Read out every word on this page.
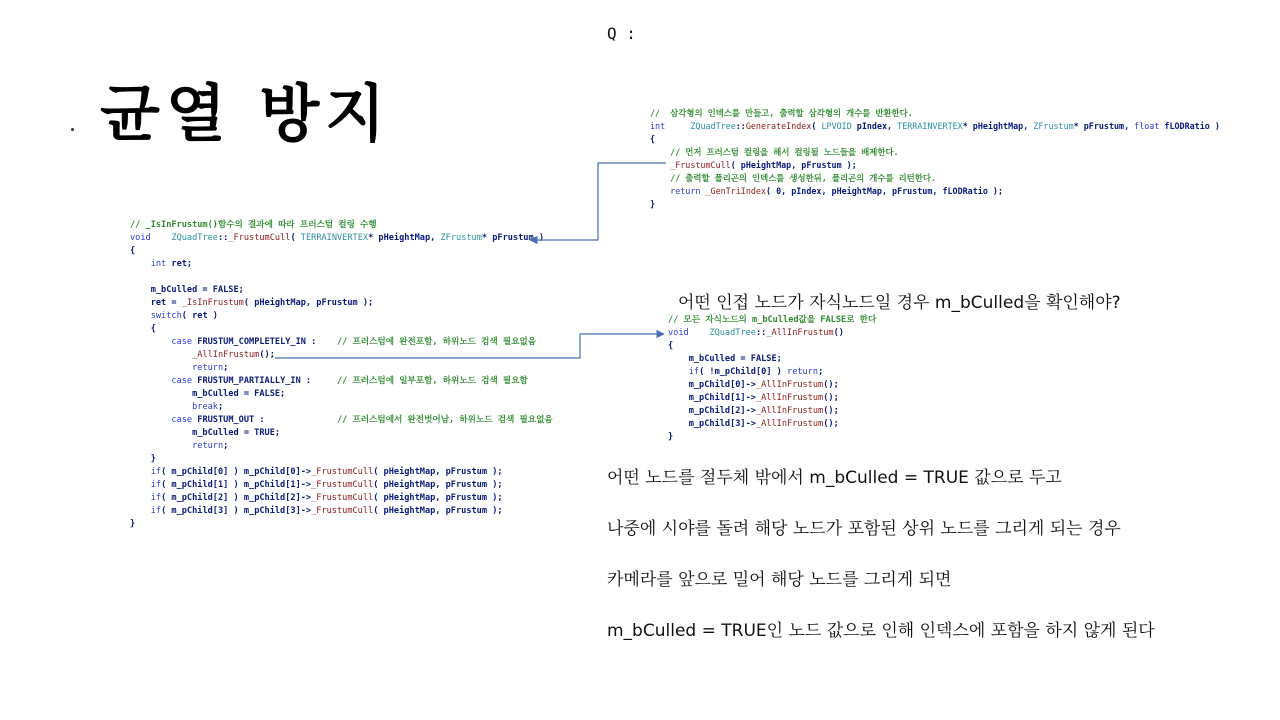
균열 방지
Q :
//  삼각형의 인덱스를 만들고, 출력할 삼각형의 개수를 반환한다.
int	ZQuadTree::GenerateIndex( LPVOID pIndex, TERRAINVERTEX* pHeightMap, ZFrustum* pFrustum, float fLODRatio )
{
// 먼저 프러스텀 컬링을 해서 컬링될 노드들을 배제한다.
_FrustumCull( pHeightMap, pFrustum );
// 출력할 폴리곤의 인덱스를 생성한뒤, 폴리곤의 개수를 리턴한다.
return _GenTriIndex( 0, pIndex, pHeightMap, pFrustum, fLODRatio );
}
// _IsInFrustum()함수의 결과에 따라 프러스텀 컬링 수행
void ZQuadTree::_FrustumCull( TERRAINVERTEX* pHeightMap, ZFrustum* pFrustum )
{
int ret;

m_bCulled = FALSE;
ret = _IsInFrustum( pHeightMap, pFrustum );
switch( ret )
{
case FRUSTUM_COMPLETELY_IN :    // 프러스텀에 완전포함, 하위노드 검색 필요없음
_AllInFrustum();
return;
case FRUSTUM_PARTIALLY_IN :     // 프러스텀에 일부포함, 하위노드 검색 필요함
m_bCulled = FALSE;
break;
case FRUSTUM_OUT :              // 프러스텀에서 완전벗어남, 하위노드 검색 필요없음
m_bCulled = TRUE;
return;
}
if( m_pChild[0] ) m_pChild[0]->_FrustumCull( pHeightMap, pFrustum );
if( m_pChild[1] ) m_pChild[1]->_FrustumCull( pHeightMap, pFrustum );
if( m_pChild[2] ) m_pChild[2]->_FrustumCull( pHeightMap, pFrustum );
if( m_pChild[3] ) m_pChild[3]->_FrustumCull( pHeightMap, pFrustum );
}
어떤 인접 노드가 자식노드일 경우 m_bCulled을 확인해야?
// 모든 자식노드의 m_bCulled값을 FALSE로 한다
void ZQuadTree::_AllInFrustum()
{
m_bCulled = FALSE;
if( !m_pChild[0] ) return;
m_pChild[0]->_AllInFrustum();
m_pChild[1]->_AllInFrustum();
m_pChild[2]->_AllInFrustum();
m_pChild[3]->_AllInFrustum();
}
어떤 노드를 절두체 밖에서 m_bCulled = TRUE 값으로 두고
나중에 시야를 돌려 해당 노드가 포함된 상위 노드를 그리게 되는 경우
카메라를 앞으로 밀어 해당 노드를 그리게 되면
m_bCulled = TRUE인 노드 값으로 인해 인덱스에 포함을 하지 않게 된다
